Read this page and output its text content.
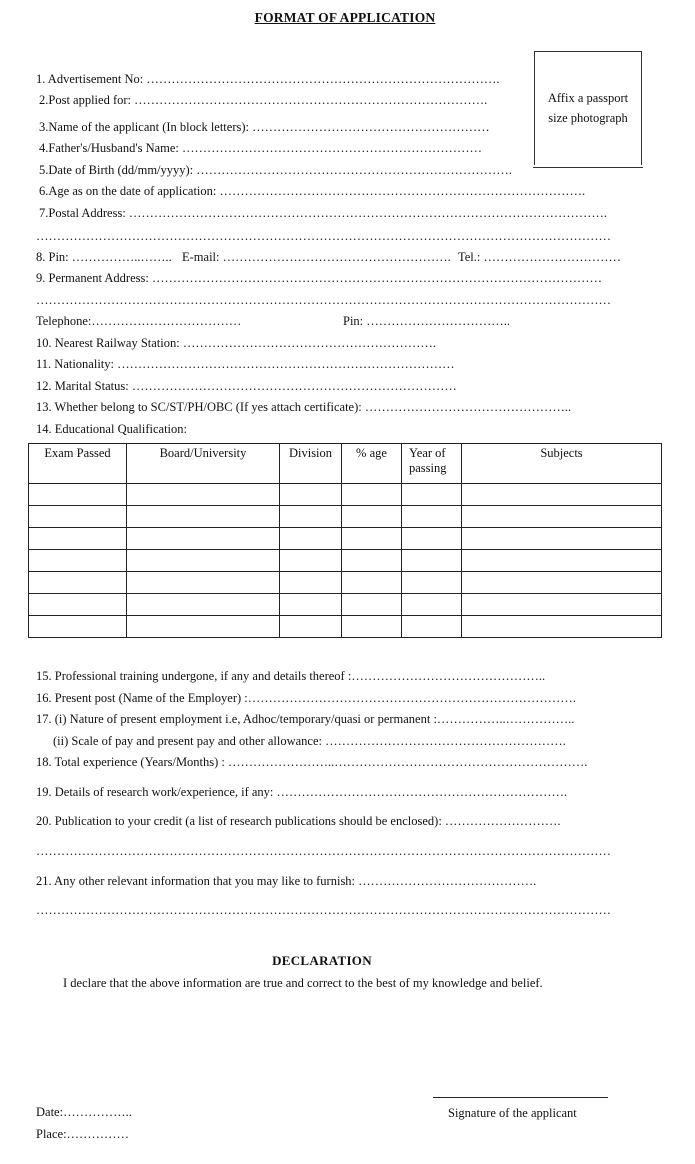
FORMAT OF APPLICATION
Affix a passport
size photograph
1. Advertisement No: ………………………………………………………………………….
2.Post applied for: ………………………………………………………………………….
3.Name of the applicant (In block letters): …………………………………………………
4.Father's/Husband's Name: ………………………………………………………………
5.Date of Birth (dd/mm/yyyy): ………………………………………………………………….
6.Age as on the date of application: …………………………………………………………………………….
7.Postal Address: …………………………………………………………………………………………………….
…………………………………………………………………………………………………………………………
8. Pin: ……………..…….. E-mail: ………………………………………………. Tel.: ……………………………
9. Permanent Address: ………………………………………………………………………………………………
…………………………………………………………………………………………………………………………
Telephone:………………………………	Pin: ……………………………..
10. Nearest Railway Station: …………………………………………………….
11. Nationality: ………………………………………………………………………
12. Marital Status: ……………………………………………………………………
13. Whether belong to SC/ST/PH/OBC (If yes attach certificate): …………………………………………..
14. Educational Qualification:
Exam Passed	Board/University	Division	% age	Year of
passing	Subjects

15. Professional training undergone, if any and details thereof :………………………………………..
16. Present post (Name of the Employer) :…………………………………………………………………….
17. (i) Nature of present employment i.e, Adhoc/temporary/quasi or permanent :……………..……………..
(ii) Scale of pay and present pay and other allowance: ………………………………………………….
18. Total experience (Years/Months) : ……………………..…………………………………………………….
19. Details of research work/experience, if any: …………………………………………………………….
20. Publication to your credit (a list of research publications should be enclosed): ……………………….
…………………………………………………………………………………………………………………………
21. Any other relevant information that you may like to furnish: …………………………………….
…………………………………………………………………………………………………………………………
DECLARATION
I declare that the above information are true and correct to the best of my knowledge and belief.
Date:……………..
Place:……………
Signature of the applicant
